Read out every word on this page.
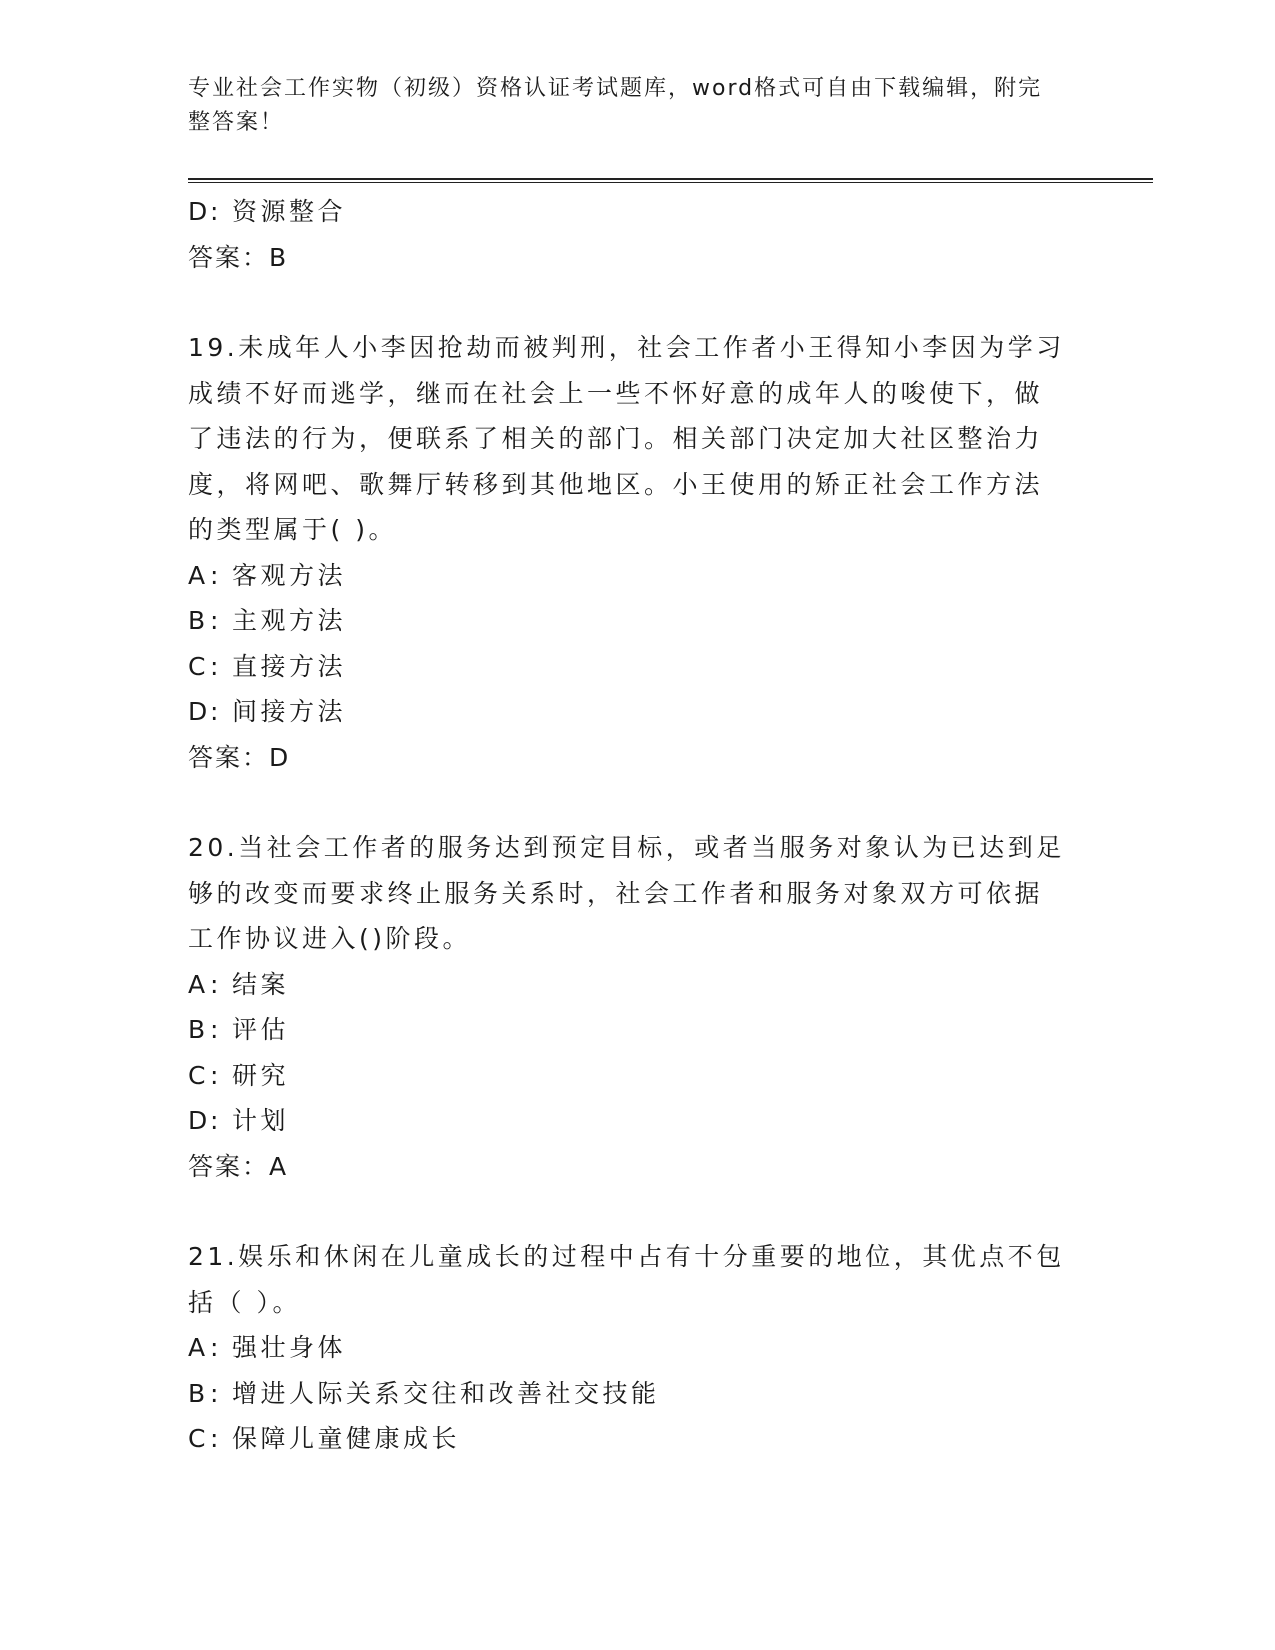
专业社会工作实物（初级）资格认证考试题库，word格式可自由下载编辑，附完
整答案！
D: 资源整合
答案：B
19.未成年人小李因抢劫而被判刑，社会工作者小王得知小李因为学习
成绩不好而逃学，继而在社会上一些不怀好意的成年人的唆使下，做
了违法的行为，便联系了相关的部门。相关部门决定加大社区整治力
度，将网吧、歌舞厅转移到其他地区。小王使用的矫正社会工作方法
的类型属于( )。
A: 客观方法
B: 主观方法
C: 直接方法
D: 间接方法
答案：D
20.当社会工作者的服务达到预定目标，或者当服务对象认为已达到足
够的改变而要求终止服务关系时，社会工作者和服务对象双方可依据
工作协议进入()阶段。
A: 结案
B: 评估
C: 研究
D: 计划
答案：A
21.娱乐和休闲在儿童成长的过程中占有十分重要的地位，其优点不包
括（ ）。
A: 强壮身体
B: 增进人际关系交往和改善社交技能
C: 保障儿童健康成长
